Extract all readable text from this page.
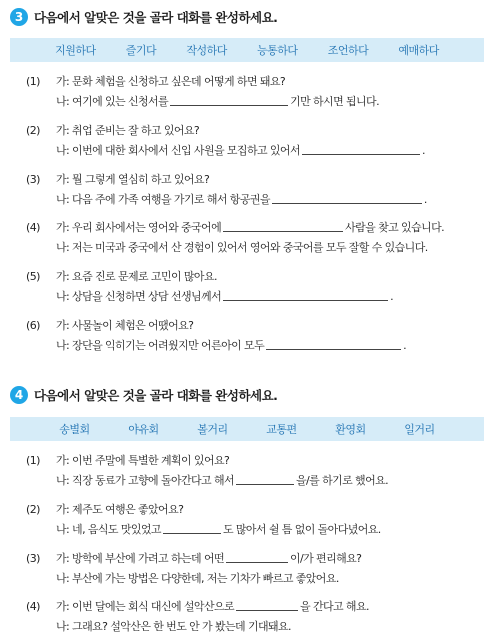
3 다음에서 알맞은 것을 골라 대화를 완성하세요.
지원하다	즐기다	작성하다	능통하다	조언하다	예매하다
(1)	가:
문화 체험을 신청하고 싶은데 어떻게 하면 돼요?
나:
여기에 있는 신청서를	기만 하시면 됩니다.
(2)	가:
취업 준비는 잘 하고 있어요?
나:
이번에 대한 회사에서 신입 사원을 모집하고 있어서	.
(3)	가:
뭘 그렇게 열심히 하고 있어요?
나:
다음 주에 가족 여행을 가기로 해서 항공권을	.
(4)	가:
우리 회사에서는 영어와 중국어에	사람을 찾고 있습니다.
나:
저는 미국과 중국에서 산 경험이 있어서 영어와 중국어를 모두 잘할 수 있습니다.
(5)	가:
요즘 진로 문제로 고민이 많아요.
나:
상담을 신청하면 상담 선생님께서	.
(6)	가:
사물놀이 체험은 어땠어요?
나:
장단을 익히기는 어려웠지만 어른아이 모두	.
4 다음에서 알맞은 것을 골라 대화를 완성하세요.
송별회	야유회	볼거리	교통편	환영회	일거리
(1)	가:
이번 주말에 특별한 계획이 있어요?
나:
직장 동료가 고향에 돌아간다고 해서	을/를 하기로 했어요.
(2)	가:
제주도 여행은 좋았어요?
나:
네, 음식도 맛있었고	도 많아서 쉴 틈 없이 돌아다녔어요.
(3)	가:
방학에 부산에 가려고 하는데 어떤	이/가 편리해요?
나:
부산에 가는 방법은 다양한데, 저는 기차가 빠르고 좋았어요.
(4)	가:
이번 달에는 회식 대신에 설악산으로	을 간다고 해요.
나:
그래요? 설악산은 한 번도 안 가 봤는데 기대돼요.
